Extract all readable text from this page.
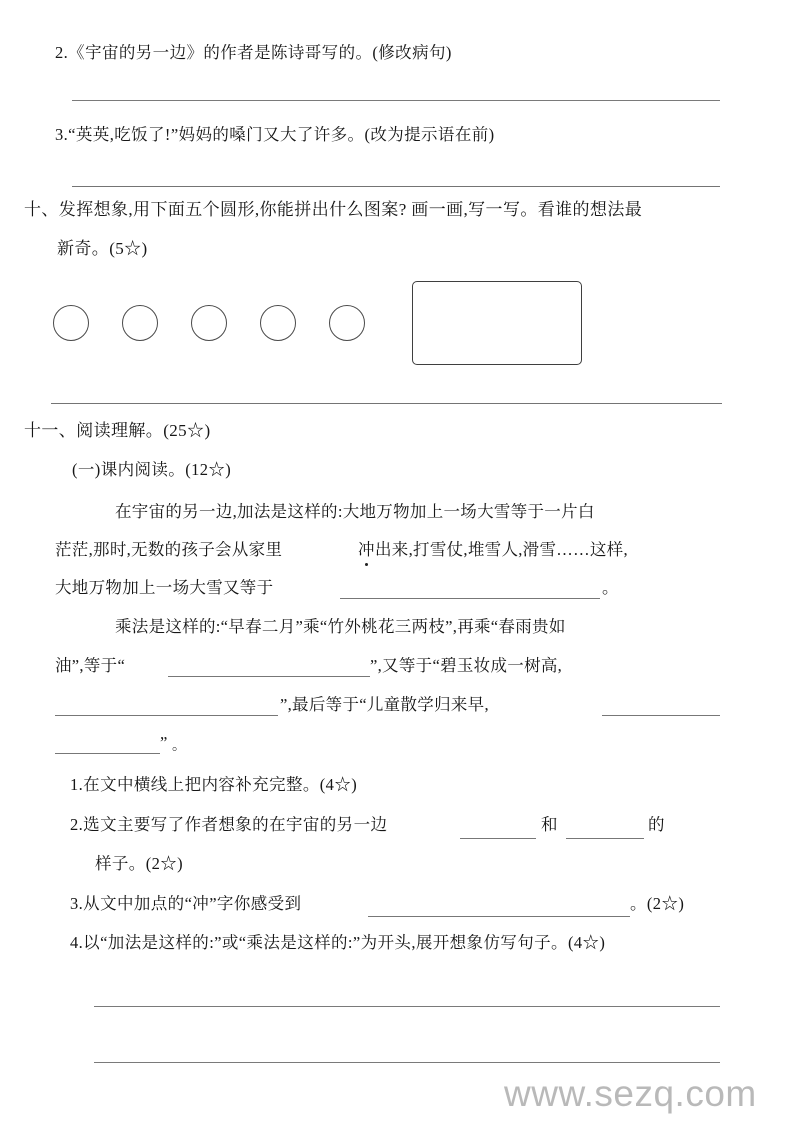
2.《宇宙的另一边》的作者是陈诗哥写的。(修改病句)
3.“英英,吃饭了!”妈妈的嗓门又大了许多。(改为提示语在前)
十、发挥想象,用下面五个圆形,你能拼出什么图案? 画一画,写一写。看谁的想法最
新奇。(5☆)
十一、阅读理解。(25☆)
(一)课内阅读。(12☆)
在宇宙的另一边,加法是这样的:大地万物加上一场大雪等于一片白
茫茫,那时,无数的孩子会从家里	冲 出来,打雪仗,堆雪人,滑雪……这样,
大地万物加上一场大雪又等于	。
乘法是这样的:“早春二月”乘“竹外桃花三两枝”,再乘“春雨贵如
油”,等于“	”,又等于“碧玉妆成一树高,
”,最后等于“儿童散学归来早,
” 。
1.在文中横线上把内容补充完整。(4☆)
2.选文主要写了作者想象的在宇宙的另一边	和	的
样子。(2☆)
3.从文中加点的“冲”字你感受到	。(2☆)
4.以“加法是这样的:”或“乘法是这样的:”为开头,展开想象仿写句子。(4☆)
www.sezq.com
